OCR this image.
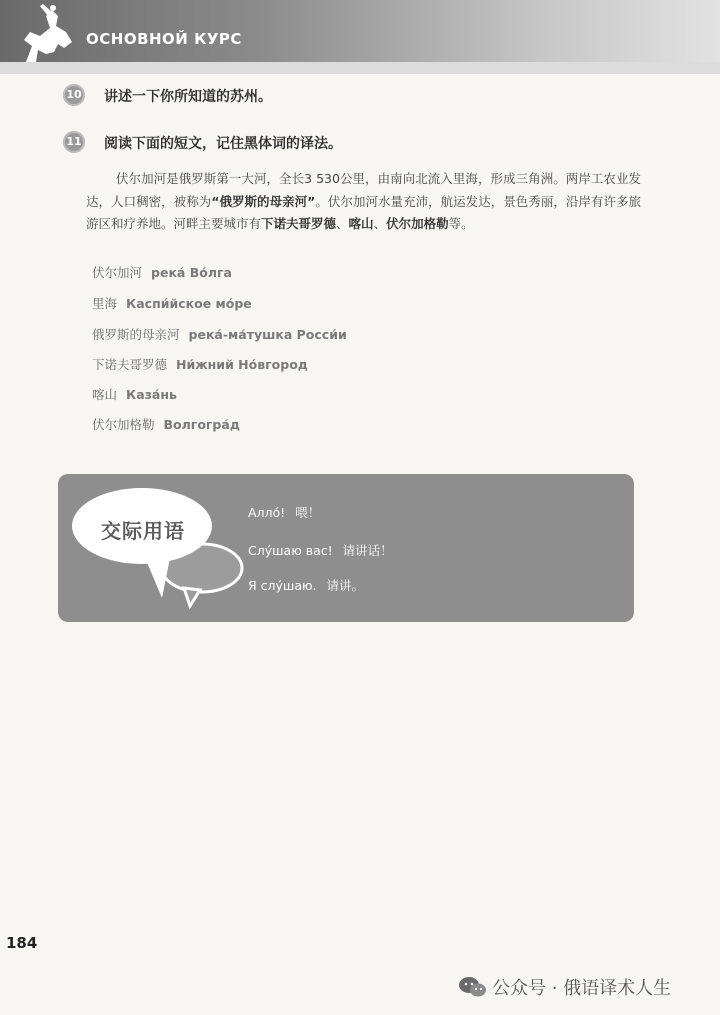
ОСНОВНОЙ КУРС
10 讲述一下你所知道的苏州。
11 阅读下面的短文，记住黑体词的译法。
伏尔加河是俄罗斯第一大河，全长3 530公里，由南向北流入里海，形成三角洲。两岸工农业发达，人口稠密，被称为“俄罗斯的母亲河”。伏尔加河水量充沛，航运发达，景色秀丽，沿岸有许多旅游区和疗养地。河畔主要城市有下诺夫哥罗德、喀山、伏尔加格勒等。
伏尔加河 река́ Во́лга
里海 Каспи́йское мо́ре
俄罗斯的母亲河 река́-ма́тушка Росси́и
下诺夫哥罗德 Ни́жний Но́вгород
喀山 Каза́нь
伏尔加格勒 Волгогра́д
交际用语
Алло́! 喂！
Слу́шаю вас! 请讲话！
Я слу́шаю. 请讲。
184
公众号 · 俄语译术人生
